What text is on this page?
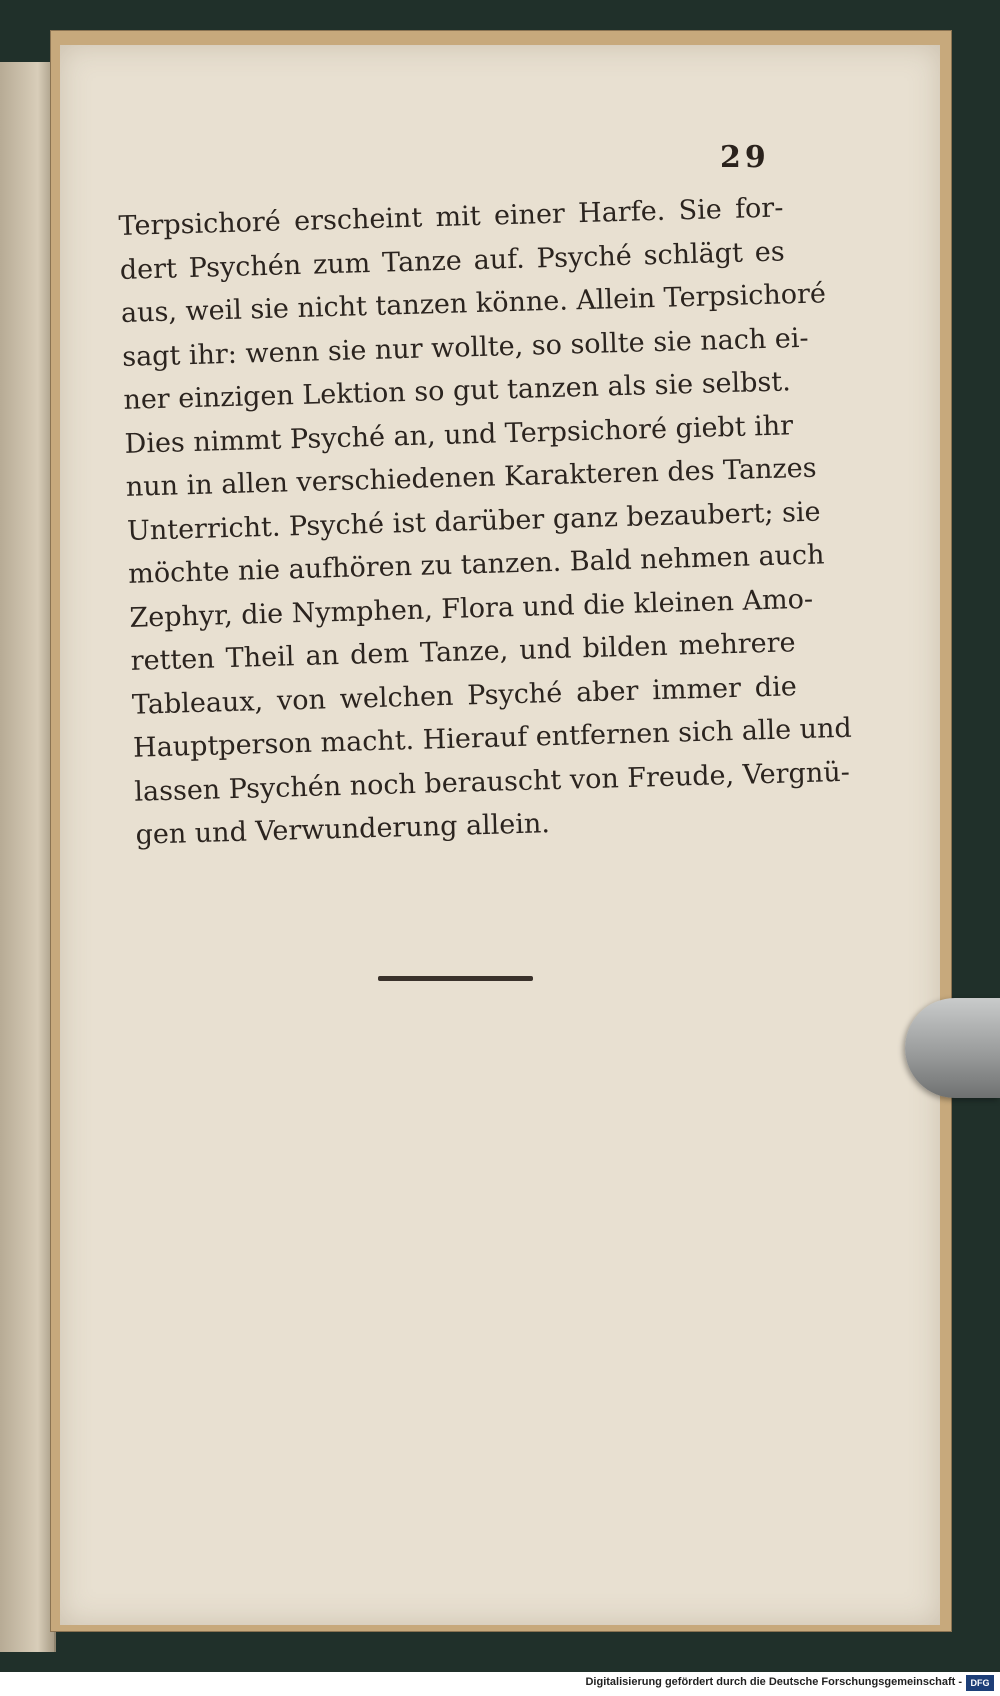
29
Terpsichoré erscheint mit einer Harfe. Sie for-
dert Psychén zum Tanze auf. Psyché schlägt es
aus, weil sie nicht tanzen könne. Allein Terpsichoré
sagt ihr: wenn sie nur wollte, so sollte sie nach ei-
ner einzigen Lektion so gut tanzen als sie selbst.
Dies nimmt Psyché an, und Terpsichoré giebt ihr
nun in allen verschiedenen Karakteren des Tanzes
Unterricht. Psyché ist darüber ganz bezaubert; sie
möchte nie aufhören zu tanzen. Bald nehmen auch
Zephyr, die Nymphen, Flora und die kleinen Amo-
retten Theil an dem Tanze, und bilden mehrere
Tableaux, von welchen Psyché aber immer die
Hauptperson macht. Hierauf entfernen sich alle und
lassen Psychén noch berauscht von Freude, Vergnü-
gen und Verwunderung allein.
Digitalisierung gefördert durch die Deutsche Forschungsgemeinschaft - DFG
